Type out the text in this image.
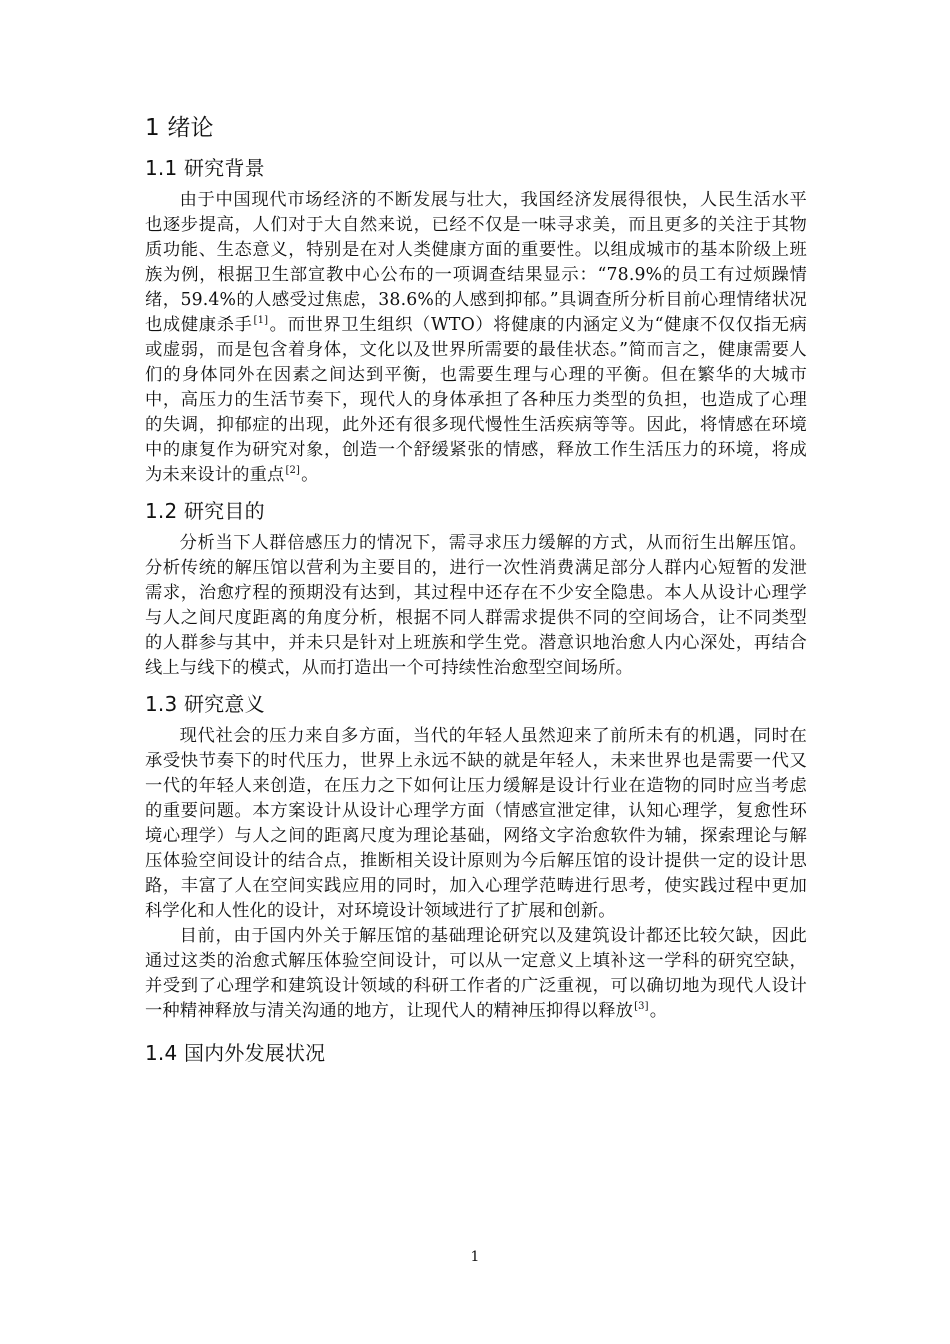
1 绪论
1.1 研究背景

由于中国现代市场经济的不断发展与壮大，我国经济发展得很快，人民生活水平也逐步提高，人们对于大自然来说，已经不仅是一味寻求美，而且更多的关注于其物质功能、生态意义，特别是在对人类健康方面的重要性。以组成城市的基本阶级上班族为例，根据卫生部宣教中心公布的一项调查结果显示：“78.9%的员工有过烦躁情绪，59.4%的人感受过焦虑，38.6%的人感到抑郁。”具调查所分析目前心理情绪状况也成健康杀手[1]。而世界卫生组织（WTO）将健康的内涵定义为“健康不仅仅指无病或虚弱，而是包含着身体，文化以及世界所需要的最佳状态。”简而言之，健康需要人们的身体同外在因素之间达到平衡，也需要生理与心理的平衡。但在繁华的大城市中，高压力的生活节奏下，现代人的身体承担了各种压力类型的负担，也造成了心理的失调，抑郁症的出现，此外还有很多现代慢性生活疾病等等。因此，将情感在环境中的康复作为研究对象，创造一个舒缓紧张的情感，释放工作生活压力的环境，将成为未来设计的重点[2]。

1.2 研究目的

分析当下人群倍感压力的情况下，需寻求压力缓解的方式，从而衍生出解压馆。分析传统的解压馆以营利为主要目的，进行一次性消费满足部分人群内心短暂的发泄需求，治愈疗程的预期没有达到，其过程中还存在不少安全隐患。本人从设计心理学与人之间尺度距离的角度分析，根据不同人群需求提供不同的空间场合，让不同类型的人群参与其中，并未只是针对上班族和学生党。潜意识地治愈人内心深处，再结合线上与线下的模式，从而打造出一个可持续性治愈型空间场所。

1.3 研究意义

现代社会的压力来自多方面，当代的年轻人虽然迎来了前所未有的机遇，同时在承受快节奏下的时代压力，世界上永远不缺的就是年轻人，未来世界也是需要一代又一代的年轻人来创造，在压力之下如何让压力缓解是设计行业在造物的同时应当考虑的重要问题。本方案设计从设计心理学方面（情感宣泄定律，认知心理学，复愈性环境心理学）与人之间的距离尺度为理论基础，网络文字治愈软件为辅，探索理论与解压体验空间设计的结合点，推断相关设计原则为今后解压馆的设计提供一定的设计思路，丰富了人在空间实践应用的同时，加入心理学范畴进行思考，使实践过程中更加科学化和人性化的设计，对环境设计领域进行了扩展和创新。

目前，由于国内外关于解压馆的基础理论研究以及建筑设计都还比较欠缺，因此通过这类的治愈式解压体验空间设计，可以从一定意义上填补这一学科的研究空缺，并受到了心理学和建筑设计领域的科研工作者的广泛重视，可以确切地为现代人设计一种精神释放与清关沟通的地方，让现代人的精神压抑得以释放[3]。

1.4 国内外发展状况
1
